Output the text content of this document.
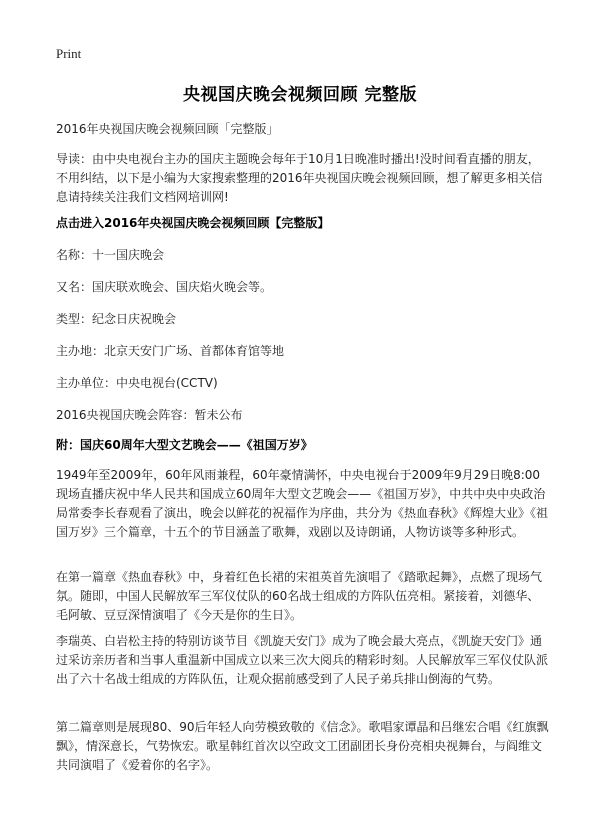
Print
央视国庆晚会视频回顾 完整版

2016年央视国庆晚会视频回顾「完整版」

导读：由中央电视台主办的国庆主题晚会每年于10月1日晚准时播出!没时间看直播的朋友，不用纠结，以下是小编为大家搜索整理的2016年央视国庆晚会视频回顾，想了解更多相关信息请持续关注我们文档网培训网!

点击进入2016年央视国庆晚会视频回顾【完整版】

名称：十一国庆晚会

又名：国庆联欢晚会、国庆焰火晚会等。

类型：纪念日庆祝晚会

主办地：北京天安门广场、首都体育馆等地

主办单位：中央电视台(CCTV)

2016央视国庆晚会阵容：暂未公布

附：国庆60周年大型文艺晚会——《祖国万岁》

1949年至2009年，60年风雨兼程，60年豪情满怀，中央电视台于2009年9月29日晚8:00现场直播庆祝中华人民共和国成立60周年大型文艺晚会——《祖国万岁》，中共中央中央政治局常委李长春观看了演出，晚会以鲜花的祝福作为序曲，共分为《热血春秋》《辉煌大业》《祖国万岁》三个篇章，十五个的节目涵盖了歌舞，戏剧以及诗朗诵，人物访谈等多种形式。

在第一篇章《热血春秋》中，身着红色长裙的宋祖英首先演唱了《踏歌起舞》，点燃了现场气氛。随即，中国人民解放军三军仪仗队的60名战士组成的方阵队伍亮相。紧接着，刘德华、毛阿敏、豆豆深情演唱了《今天是你的生日》。

李瑞英、白岩松主持的特别访谈节目《凯旋天安门》成为了晚会最大亮点，《凯旋天安门》通过采访亲历者和当事人重温新中国成立以来三次大阅兵的精彩时刻。人民解放军三军仪仗队派出了六十名战士组成的方阵队伍，让观众据前感受到了人民子弟兵排山倒海的气势。

第二篇章则是展现80、90后年轻人向劳模致敬的《信念》。歌唱家谭晶和吕继宏合唱《红旗飘飘》，情深意长，气势恢宏。歌星韩红首次以空政文工团副团长身份亮相央视舞台，与阎维文共同演唱了《爱着你的名字》。
